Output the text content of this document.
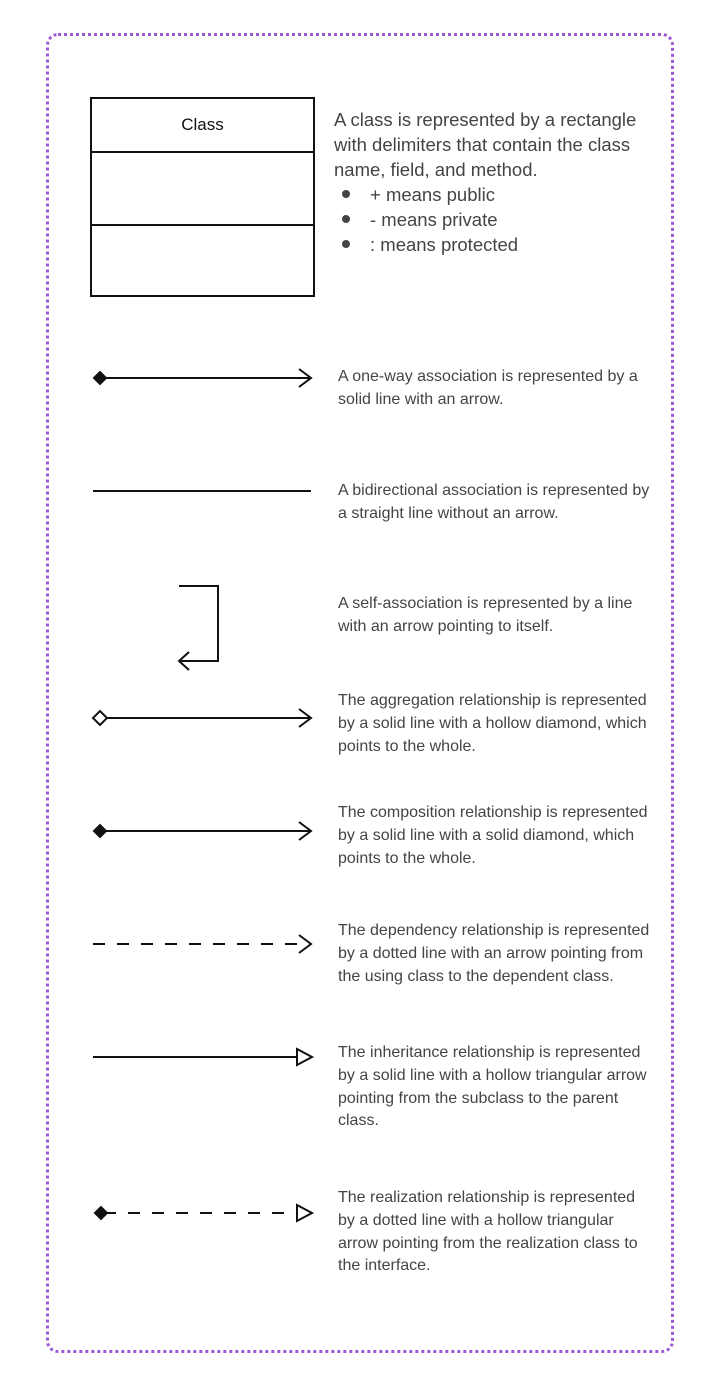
Class	A class is represented by a rectangle with delimiters that contain the class name, field, and method.
+ means public
- means private
: means protected
A one-way association is represented by a solid line with an arrow.
A bidirectional association is represented by a straight line without an arrow.
A self-association is represented by a line with an arrow pointing to itself.
The aggregation relationship is represented by a solid line with a hollow diamond, which points to the whole.
The composition relationship is represented by a solid line with a solid diamond, which points to the whole.
The dependency relationship is represented by a dotted line with an arrow pointing from the using class to the dependent class.
The inheritance relationship is represented by a solid line with a hollow triangular arrow pointing from the subclass to the parent class.
The realization relationship is represented by a dotted line with a hollow triangular arrow pointing from the realization class to the interface.
